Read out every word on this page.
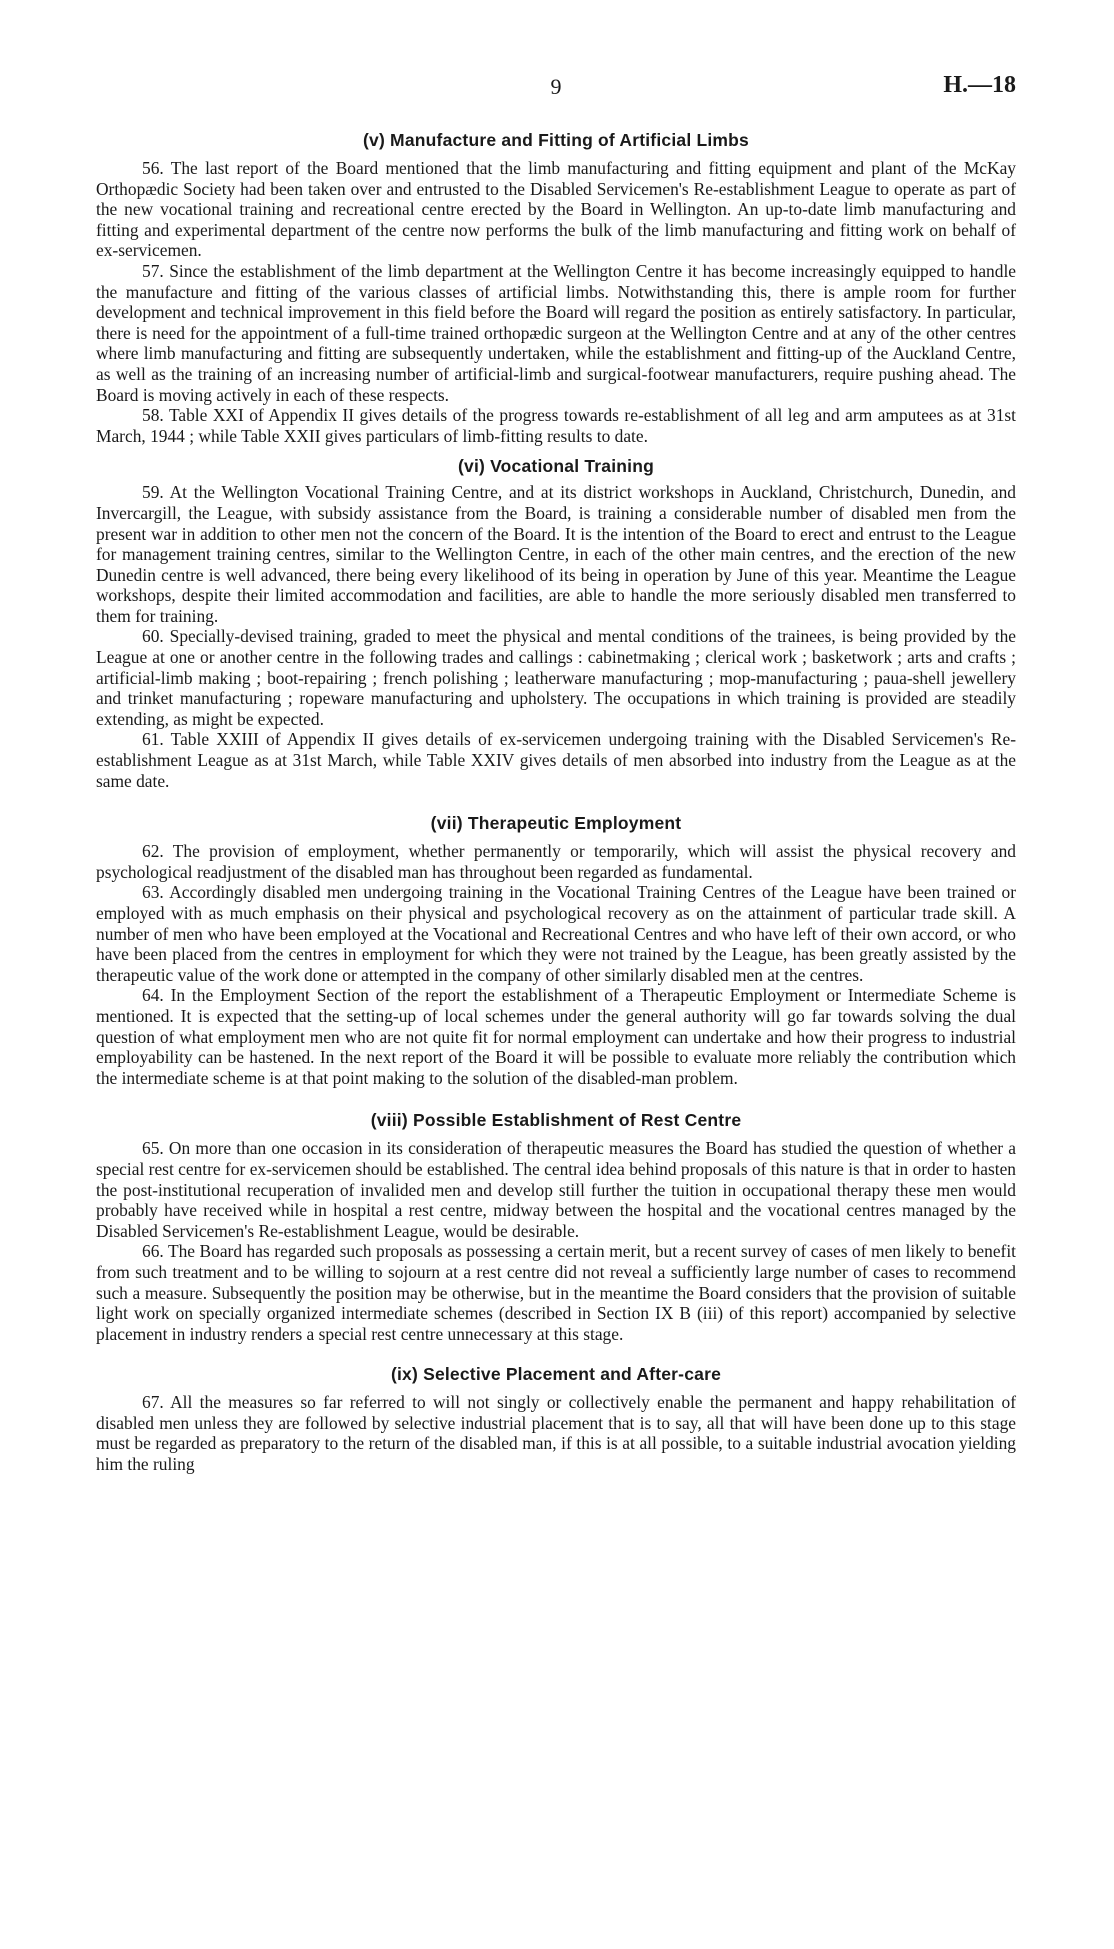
9	H.—18
(v) Manufacture and Fitting of Artificial Limbs

56. The last report of the Board mentioned that the limb manufacturing and fitting equipment and plant of the McKay Orthopædic Society had been taken over and entrusted to the Disabled Servicemen's Re-establishment League to operate as part of the new vocational training and recreational centre erected by the Board in Wellington. An up-to-date limb manufacturing and fitting and experimental department of the centre now performs the bulk of the limb manufacturing and fitting work on behalf of ex-servicemen.

57. Since the establishment of the limb department at the Wellington Centre it has become increasingly equipped to handle the manufacture and fitting of the various classes of artificial limbs. Notwithstanding this, there is ample room for further development and technical improvement in this field before the Board will regard the position as entirely satisfactory. In particular, there is need for the appointment of a full-time trained orthopædic surgeon at the Wellington Centre and at any of the other centres where limb manufacturing and fitting are subsequently undertaken, while the establishment and fitting-up of the Auckland Centre, as well as the training of an increasing number of artificial-limb and surgical-footwear manufacturers, require pushing ahead. The Board is moving actively in each of these respects.

58. Table XXI of Appendix II gives details of the progress towards re-establishment of all leg and arm amputees as at 31st March, 1944 ; while Table XXII gives particulars of limb-fitting results to date.

(vi) Vocational Training

59. At the Wellington Vocational Training Centre, and at its district workshops in Auckland, Christchurch, Dunedin, and Invercargill, the League, with subsidy assistance from the Board, is training a considerable number of disabled men from the present war in addition to other men not the concern of the Board. It is the intention of the Board to erect and entrust to the League for management training centres, similar to the Wellington Centre, in each of the other main centres, and the erection of the new Dunedin centre is well advanced, there being every likelihood of its being in operation by June of this year. Meantime the League workshops, despite their limited accommodation and facilities, are able to handle the more seriously disabled men transferred to them for training.

60. Specially-devised training, graded to meet the physical and mental conditions of the trainees, is being provided by the League at one or another centre in the following trades and callings : cabinetmaking ; clerical work ; basketwork ; arts and crafts ; artificial-limb making ; boot-repairing ; french polishing ; leatherware manufacturing ; mop-manufacturing ; paua-shell jewellery and trinket manufacturing ; ropeware manufacturing and upholstery. The occupations in which training is provided are steadily extending, as might be expected.

61. Table XXIII of Appendix II gives details of ex-servicemen undergoing training with the Disabled Servicemen's Re-establishment League as at 31st March, while Table XXIV gives details of men absorbed into industry from the League as at the same date.

(vii) Therapeutic Employment

62. The provision of employment, whether permanently or temporarily, which will assist the physical recovery and psychological readjustment of the disabled man has throughout been regarded as fundamental.

63. Accordingly disabled men undergoing training in the Vocational Training Centres of the League have been trained or employed with as much emphasis on their physical and psychological recovery as on the attainment of particular trade skill. A number of men who have been employed at the Vocational and Recreational Centres and who have left of their own accord, or who have been placed from the centres in employment for which they were not trained by the League, has been greatly assisted by the therapeutic value of the work done or attempted in the company of other similarly disabled men at the centres.

64. In the Employment Section of the report the establishment of a Therapeutic Employment or Intermediate Scheme is mentioned. It is expected that the setting-up of local schemes under the general authority will go far towards solving the dual question of what employment men who are not quite fit for normal employment can undertake and how their progress to industrial employability can be hastened. In the next report of the Board it will be possible to evaluate more reliably the contribution which the intermediate scheme is at that point making to the solution of the disabled-man problem.

(viii) Possible Establishment of Rest Centre

65. On more than one occasion in its consideration of therapeutic measures the Board has studied the question of whether a special rest centre for ex-servicemen should be established. The central idea behind proposals of this nature is that in order to hasten the post-institutional recuperation of invalided men and develop still further the tuition in occupational therapy these men would probably have received while in hospital a rest centre, midway between the hospital and the vocational centres managed by the Disabled Servicemen's Re-establishment League, would be desirable.

66. The Board has regarded such proposals as possessing a certain merit, but a recent survey of cases of men likely to benefit from such treatment and to be willing to sojourn at a rest centre did not reveal a sufficiently large number of cases to recommend such a measure. Subsequently the position may be otherwise, but in the meantime the Board considers that the provision of suitable light work on specially organized intermediate schemes (described in Section IX B (iii) of this report) accompanied by selective placement in industry renders a special rest centre unnecessary at this stage.

(ix) Selective Placement and After-care

67. All the measures so far referred to will not singly or collectively enable the permanent and happy rehabilitation of disabled men unless they are followed by selective industrial placement that is to say, all that will have been done up to this stage must be regarded as preparatory to the return of the disabled man, if this is at all possible, to a suitable industrial avocation yielding him the ruling
